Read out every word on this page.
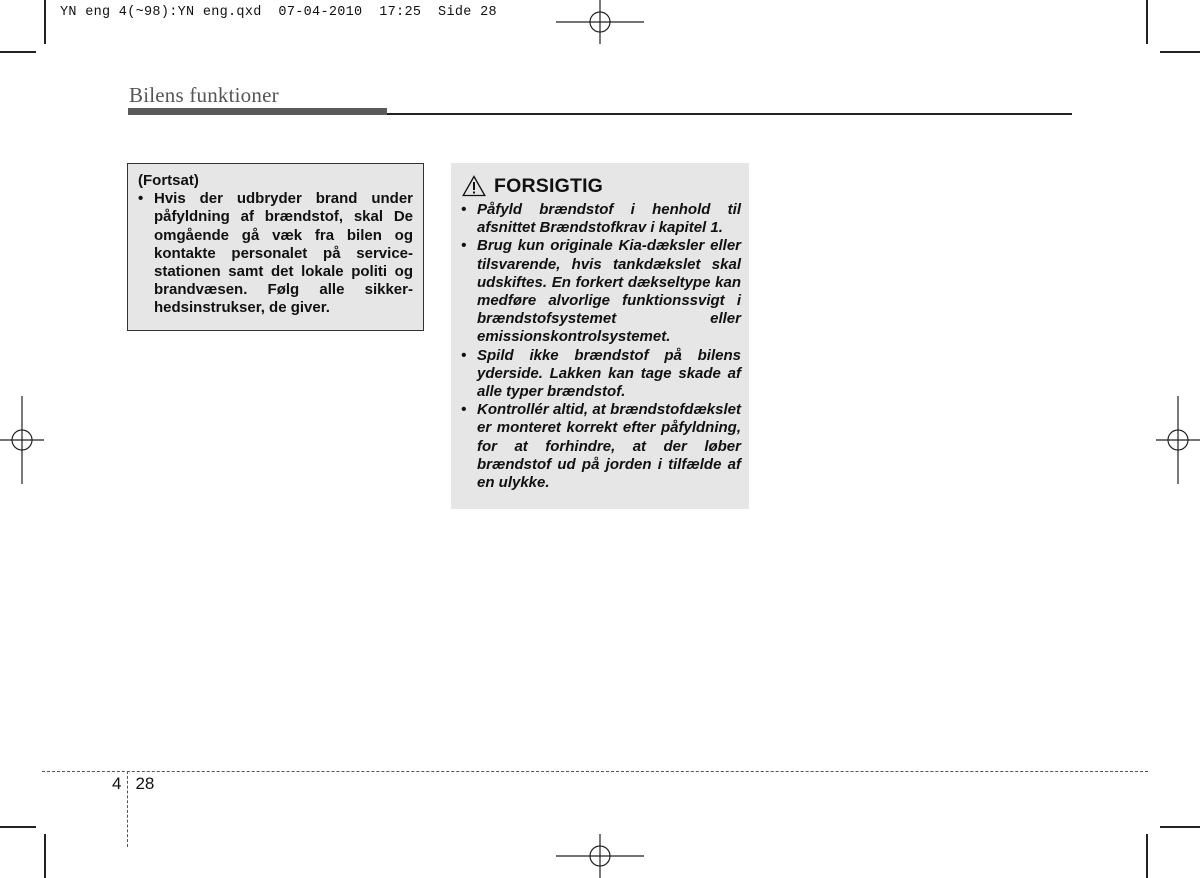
YN eng 4(~98):YN eng.qxd  07-04-2010  17:25  Side 28
Bilens funktioner
(Fortsat)
• Hvis der udbryder brand under påfyldning af brændstof, skal De omgående gå væk fra bilen og kontakte personalet på servicestationen samt det lokale politi og brandvæsen. Følg alle sikkerhedsinstrukser, de giver.
FORSIGTIG
• Påfyld brændstof i henhold til afsnittet Brændstofkrav i kapitel 1.
• Brug kun originale Kia-dæksler eller tilsvarende, hvis tankdækslet skal udskiftes. En forkert dækseltype kan medføre alvorlige funktionssvigt i brændstofsystemet eller emissionskontrolsystemet.
• Spild ikke brændstof på bilens yderside. Lakken kan tage skade af alle typer brændstof.
• Kontrollér altid, at brændstofdækslet er monteret korrekt efter påfyldning, for at forhindre, at der løber brændstof ud på jorden i tilfælde af en ulykke.
4 28
